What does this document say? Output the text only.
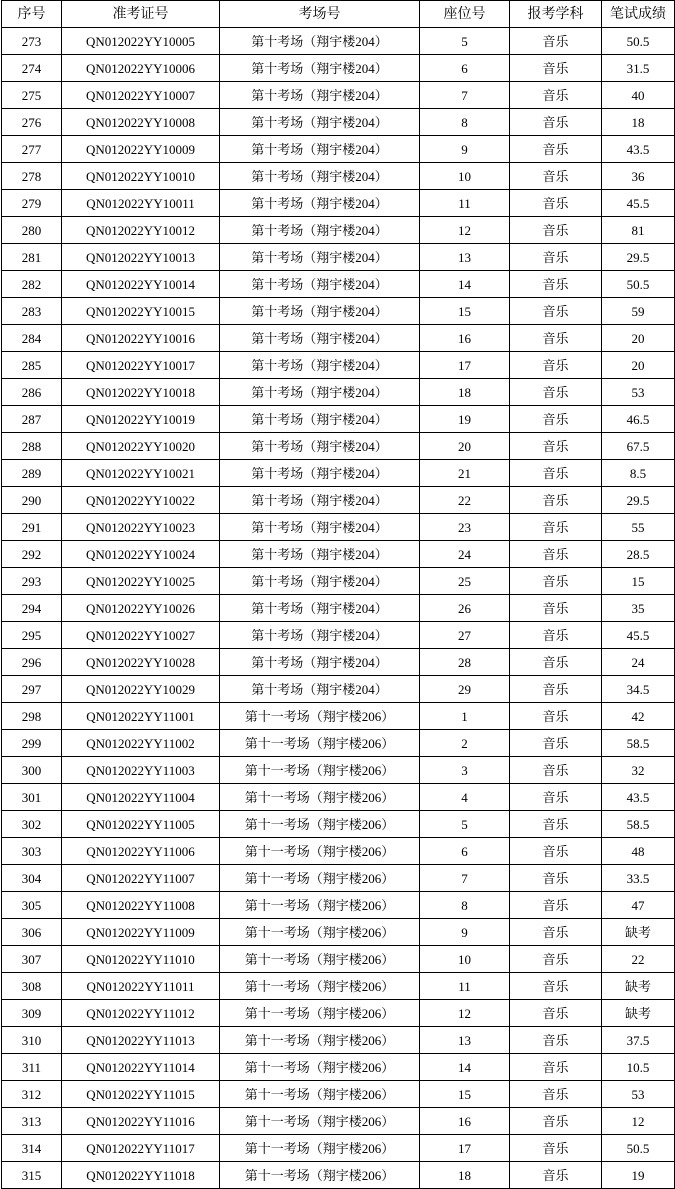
序号	准考证号	考场号	座位号	报考学科	笔试成绩
273	QN012022YY10005	第十考场（翔宇楼204）	5	音乐	50.5
274	QN012022YY10006	第十考场（翔宇楼204）	6	音乐	31.5
275	QN012022YY10007	第十考场（翔宇楼204）	7	音乐	40
276	QN012022YY10008	第十考场（翔宇楼204）	8	音乐	18
277	QN012022YY10009	第十考场（翔宇楼204）	9	音乐	43.5
278	QN012022YY10010	第十考场（翔宇楼204）	10	音乐	36
279	QN012022YY10011	第十考场（翔宇楼204）	11	音乐	45.5
280	QN012022YY10012	第十考场（翔宇楼204）	12	音乐	81
281	QN012022YY10013	第十考场（翔宇楼204）	13	音乐	29.5
282	QN012022YY10014	第十考场（翔宇楼204）	14	音乐	50.5
283	QN012022YY10015	第十考场（翔宇楼204）	15	音乐	59
284	QN012022YY10016	第十考场（翔宇楼204）	16	音乐	20
285	QN012022YY10017	第十考场（翔宇楼204）	17	音乐	20
286	QN012022YY10018	第十考场（翔宇楼204）	18	音乐	53
287	QN012022YY10019	第十考场（翔宇楼204）	19	音乐	46.5
288	QN012022YY10020	第十考场（翔宇楼204）	20	音乐	67.5
289	QN012022YY10021	第十考场（翔宇楼204）	21	音乐	8.5
290	QN012022YY10022	第十考场（翔宇楼204）	22	音乐	29.5
291	QN012022YY10023	第十考场（翔宇楼204）	23	音乐	55
292	QN012022YY10024	第十考场（翔宇楼204）	24	音乐	28.5
293	QN012022YY10025	第十考场（翔宇楼204）	25	音乐	15
294	QN012022YY10026	第十考场（翔宇楼204）	26	音乐	35
295	QN012022YY10027	第十考场（翔宇楼204）	27	音乐	45.5
296	QN012022YY10028	第十考场（翔宇楼204）	28	音乐	24
297	QN012022YY10029	第十考场（翔宇楼204）	29	音乐	34.5
298	QN012022YY11001	第十一考场（翔宇楼206）	1	音乐	42
299	QN012022YY11002	第十一考场（翔宇楼206）	2	音乐	58.5
300	QN012022YY11003	第十一考场（翔宇楼206）	3	音乐	32
301	QN012022YY11004	第十一考场（翔宇楼206）	4	音乐	43.5
302	QN012022YY11005	第十一考场（翔宇楼206）	5	音乐	58.5
303	QN012022YY11006	第十一考场（翔宇楼206）	6	音乐	48
304	QN012022YY11007	第十一考场（翔宇楼206）	7	音乐	33.5
305	QN012022YY11008	第十一考场（翔宇楼206）	8	音乐	47
306	QN012022YY11009	第十一考场（翔宇楼206）	9	音乐	缺考
307	QN012022YY11010	第十一考场（翔宇楼206）	10	音乐	22
308	QN012022YY11011	第十一考场（翔宇楼206）	11	音乐	缺考
309	QN012022YY11012	第十一考场（翔宇楼206）	12	音乐	缺考
310	QN012022YY11013	第十一考场（翔宇楼206）	13	音乐	37.5
311	QN012022YY11014	第十一考场（翔宇楼206）	14	音乐	10.5
312	QN012022YY11015	第十一考场（翔宇楼206）	15	音乐	53
313	QN012022YY11016	第十一考场（翔宇楼206）	16	音乐	12
314	QN012022YY11017	第十一考场（翔宇楼206）	17	音乐	50.5
315	QN012022YY11018	第十一考场（翔宇楼206）	18	音乐	19
